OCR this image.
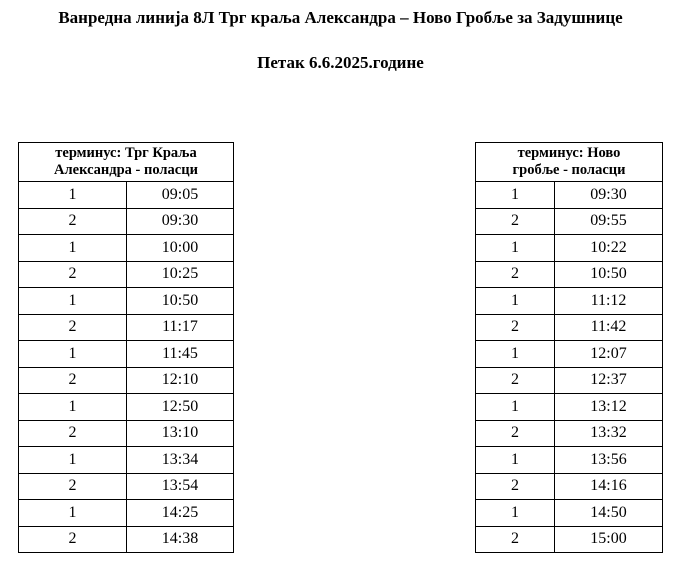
Ванредна линија 8Л Трг краља Александра – Ново Гробље за Задушнице
Петак 6.6.2025.године
терминус: Трг Краља
Александра - поласци	
1	09:05
2	09:30
1	10:00
2	10:25
1	10:50
2	11:17
1	11:45
2	12:10
1	12:50
2	13:10
1	13:34
2	13:54
1	14:25
2	14:38
терминус: Ново
гробље - поласци	
1	09:30
2	09:55
1	10:22
2	10:50
1	11:12
2	11:42
1	12:07
2	12:37
1	13:12
2	13:32
1	13:56
2	14:16
1	14:50
2	15:00
